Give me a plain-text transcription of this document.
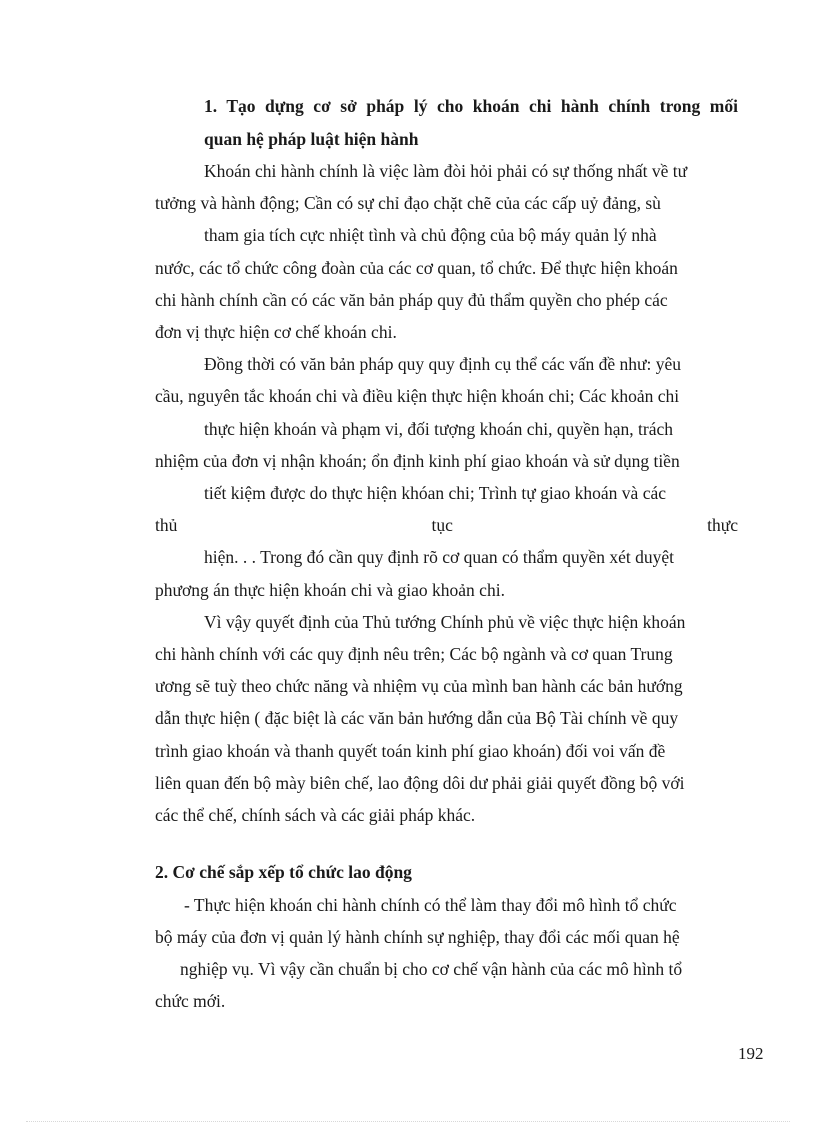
1. Tạo dựng cơ sở pháp lý cho khoán chi hành chính trong mối
quan hệ pháp luật hiện hành
Khoán chi hành chính là việc làm đòi hỏi phải có sự thống nhất về tư
tưởng và hành động; Cần có sự chỉ đạo chặt chẽ của các cấp uỷ đảng, sù
tham gia tích cực nhiệt tình và chủ động của bộ máy quản lý nhà
nước, các tổ chức công đoàn của các cơ quan, tổ chức. Để thực hiện khoán
chi hành chính cần có các văn bản pháp quy đủ thẩm quyền cho phép các
đơn vị thực hiện cơ chế khoán chi.
Đồng thời có văn bản pháp quy quy định cụ thể các vấn đề như: yêu
cầu, nguyên tắc khoán chi và điều kiện thực hiện khoán chi; Các khoản chi
thực hiện khoán và phạm vi, đối tượng khoán chi, quyền hạn, trách
nhiệm của đơn vị nhận khoán; ổn định kinh phí giao khoán và sử dụng tiền
tiết kiệm được do thực hiện khóan chi; Trình tự giao khoán và các
thủ	tục	thực
hiện. . . Trong đó cần quy định rõ cơ quan có thẩm quyền xét duyệt
phương án thực hiện khoán chi và giao khoản chi.
Vì vậy quyết định của Thủ tướng Chính phủ về việc thực hiện khoán
chi hành chính với các quy định nêu trên; Các bộ ngành và cơ quan Trung
ương sẽ tuỳ theo chức năng và nhiệm vụ của mình ban hành các bản hướng
dẫn thực hiện ( đặc biệt là các văn bản hướng dẫn của Bộ Tài chính về quy
trình giao khoán và thanh quyết toán kinh phí giao khoán) đối voi vấn đề
liên quan đến bộ mày biên chế, lao động dôi dư phải giải quyết đồng bộ với
các thể chế, chính sách và các giải pháp khác.
2. Cơ chế sắp xếp tổ chức lao động
- Thực hiện khoán chi hành chính có thể làm thay đổi mô hình tổ chức
bộ máy của đơn vị quản lý hành chính sự nghiệp, thay đổi các mối quan hệ
nghiệp vụ. Vì vậy cần chuẩn bị cho cơ chế vận hành của các mô hình tổ
chức mới.
192
